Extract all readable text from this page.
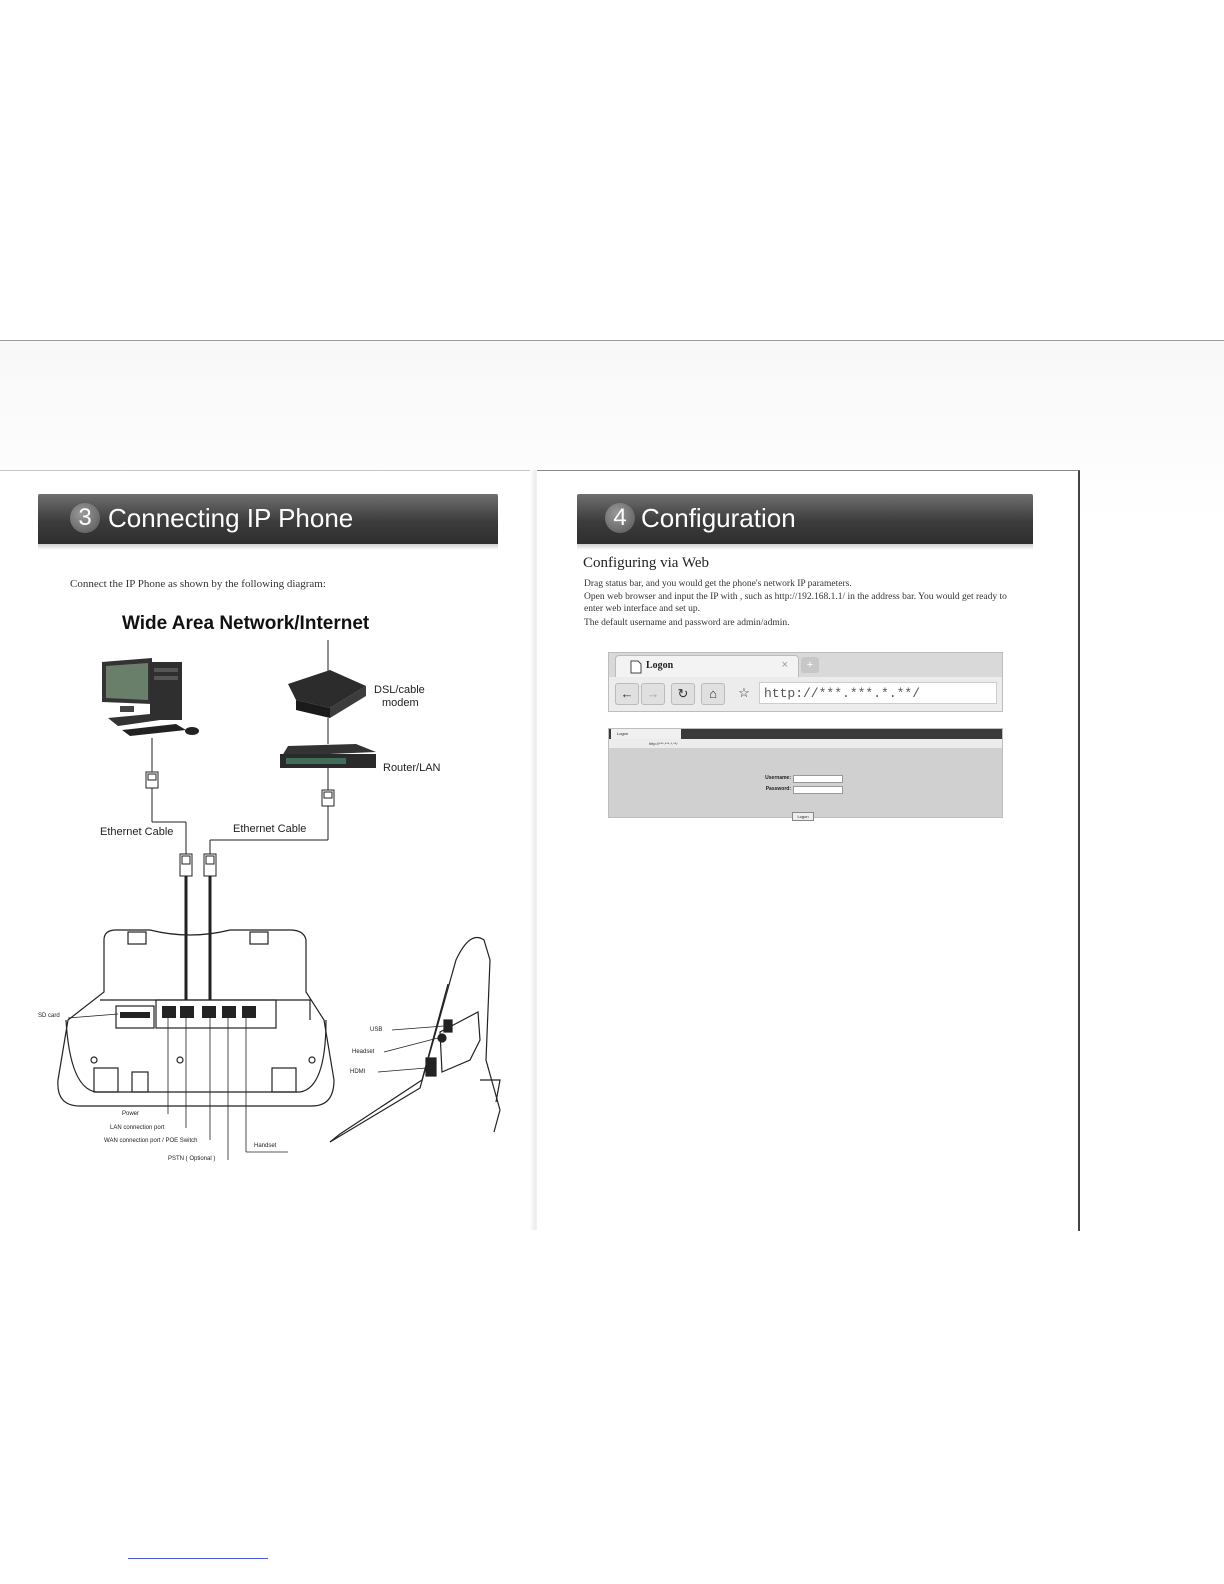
3 Connecting IP Phone
Connect the IP Phone as shown by the following diagram:
Wide Area Network/Internet
DSL/cable
modem
Router/LAN
Ethernet Cable	Ethernet Cable
SD card
USB
Headset
HDMI
Power
LAN connection port
WAN connection port / POE Switch
PSTN ( Optional )
Handset
4 Configuration
Configuring via Web
Drag status bar, and you would get the phone's network IP parameters.
Open web browser and input the IP with , such as http://192.168.1.1/ in the address bar. You would get ready to enter web interface and set up.
The default username and password are admin/admin.
Logon	×	+
←	→	↻	⌂	☆	http://***.***.*.**/
Logon
http://***.***.*.**/
Username:
Password:
Logon
